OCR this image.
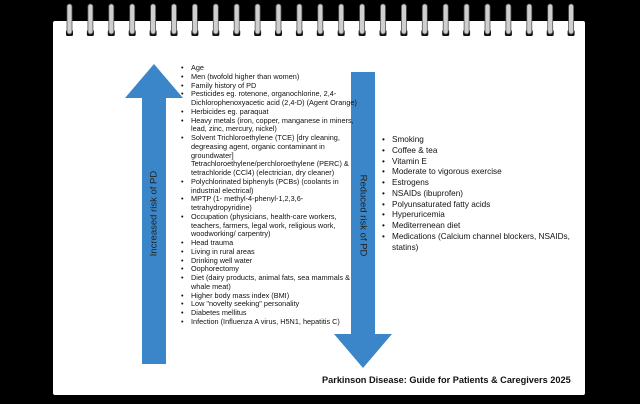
Increased risk of PD	Reduced risk of PD
• Age
• Men (twofold higher than women)
• Family history of PD
• Pesticides eg. rotenone, organochlorine, 2,4-Dichlorophenoxyacetic acid (2,4-D) (Agent Orange)
• Herbicides eg. paraquat
• Heavy metals (iron, copper, manganese in miners, lead, zinc, mercury, nickel)
• Solvent Trichloroethylene (TCE) [dry cleaning, degreasing agent, organic contaminant in groundwater] Tetrachloroethylene/perchloroethylene (PERC) & tetrachloride (CCl4) (electrician, dry cleaner)
• Polychlorinated biphenyls (PCBs) (coolants in industrial electrical)
• MPTP (1- methyl-4-phenyl-1,2,3,6-tetrahydropyridine)
• Occupation (physicians, health-care workers, teachers, farmers, legal work, religious work, woodworking/ carpentry)
• Head trauma
• Living in rural areas
• Drinking well water
• Oophorectomy
• Diet (dairy products, animal fats, sea mammals & whale meat)
• Higher body mass index (BMI)
• Low "novelty seeking" personality
• Diabetes mellitus
• Infection (Influenza A virus, H5N1, hepatitis C)
• Smoking
• Coffee & tea
• Vitamin E
• Moderate to vigorous exercise
• Estrogens
• NSAIDs (ibuprofen)
• Polyunsaturated fatty acids
• Hyperuricemia
• Mediterrenean diet
• Medications (Calcium channel blockers, NSAIDs, statins)
Parkinson Disease: Guide for Patients & Caregivers 2025
